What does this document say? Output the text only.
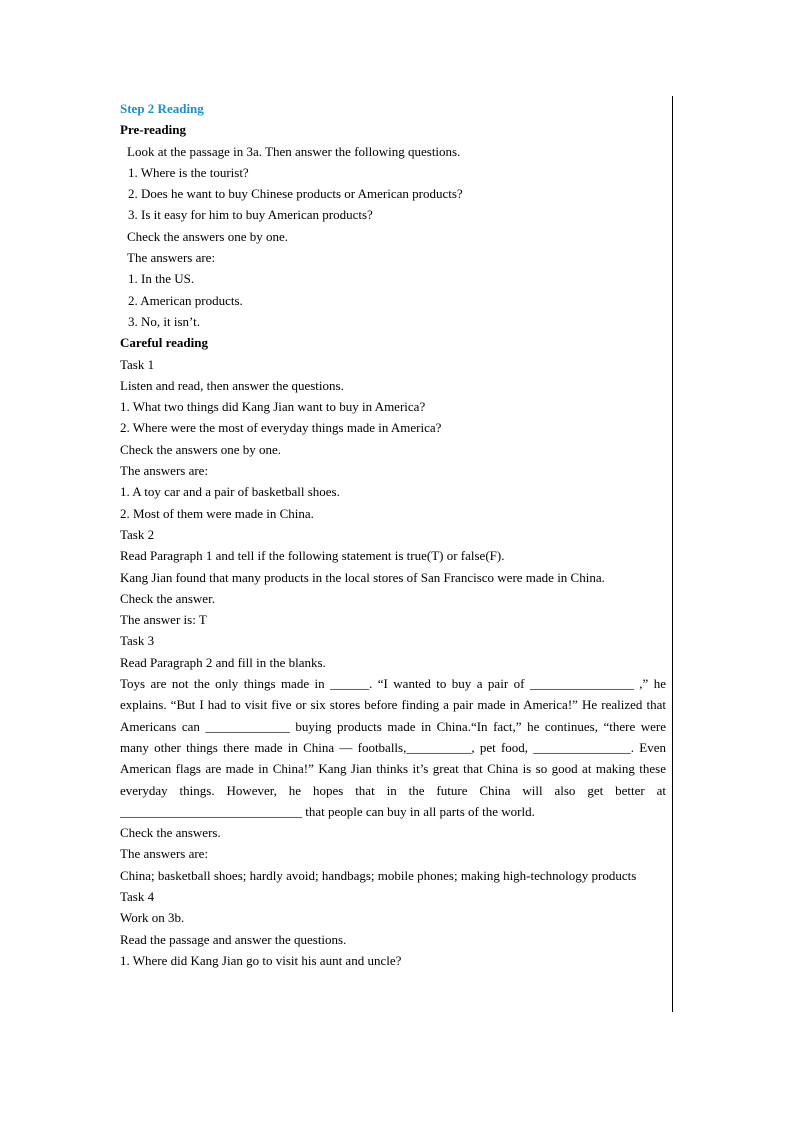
Step 2 Reading
Pre-reading
Look at the passage in 3a. Then answer the following questions.
1. Where is the tourist?
2. Does he want to buy Chinese products or American products?
3. Is it easy for him to buy American products?
Check the answers one by one.
The answers are:
1. In the US.
2. American products.
3. No, it isn’t.
Careful reading
Task 1
Listen and read, then answer the questions.
1. What two things did Kang Jian want to buy in America?
2. Where were the most of everyday things made in America?
Check the answers one by one.
The answers are:
1. A toy car and a pair of basketball shoes.
2. Most of them were made in China.
Task 2
Read Paragraph 1 and tell if the following statement is true(T) or false(F).
Kang Jian found that many products in the local stores of San Francisco were made in China.
Check the answer.
The answer is: T
Task 3
Read Paragraph 2 and fill in the blanks.

Toys are not the only things made in ______. “I wanted to buy a pair of ________________ ,” he explains. “But I had to visit five or six stores before finding a pair made in America!” He realized that Americans can _____________ buying products made in China.“In fact,” he continues, “there were many other things there made in China — footballs,__________, pet food, _______________. Even American flags are made in China!” Kang Jian thinks it’s great that China is so good at making these everyday things. However, he hopes that in the future China will also get better at ____________________________ that people can buy in all parts of the world.

Check the answers.
The answers are:

China; basketball shoes; hardly avoid; handbags; mobile phones; making high-technology products

Task 4
Work on 3b.
Read the passage and answer the questions.
1. Where did Kang Jian go to visit his aunt and uncle?
